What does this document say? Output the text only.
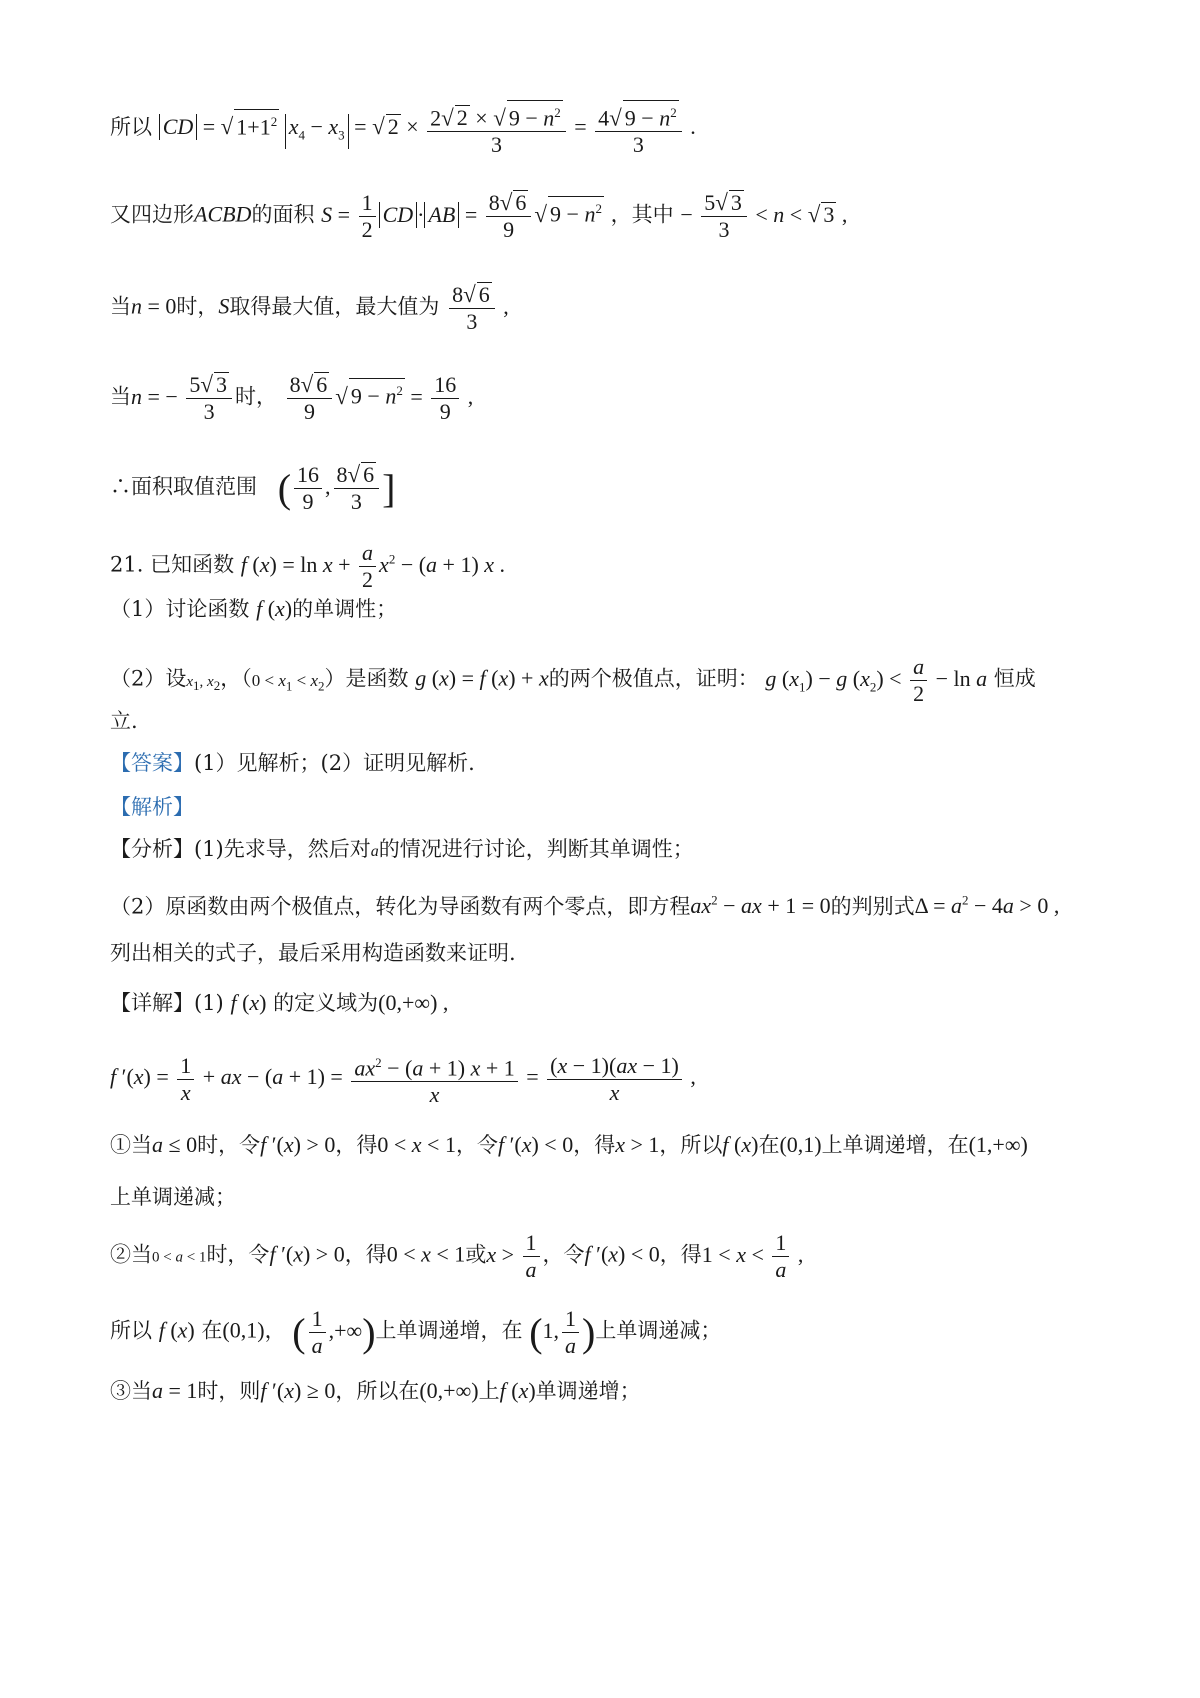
所以 CD = √ $1+1^2$ $x_4 - x_3$ = √ $2 \times \frac{2√ 2 \times √ 9 - n^2}{3} = \frac{4√ 9 - n^2}{3}$ .
又四边形ACBD的面积 $S = \frac{1}{2}$ CD · AB = $\frac{8√ 6}{9}$ √ $9 - n^2$ ，其中 − $\frac{5√ 3}{3} < n$ < √ 3 ,
当n = 0时，S取得最大值，最大值为 $\frac{8√ 6}{3}$ ,
当n = − $\frac{5√ 3}{3}$ 时， $\frac{8√ 6}{9}$ √ $9 - n^2 = \frac{16}{9}$ ,
∴面积取值范围 ( $\frac{16}{9}$ , $\frac{8√ 6}{3}$ ]
21. 已知函数 f $(x) = \ln x + \frac{a}{2} x^2 - (a + 1)$ x .
（1）讨论函数 f (x)的单调性；
（2）设$x_1$, $x_2$，$(0 < x_1 < x_2)$是函数 g (x) = f (x) + x的两个极值点，证明： g $(x_1) - g$ $(x_2) < \frac{a}{2} - \ln a$ 恒成
立.
【答案】(1）见解析；(2）证明见解析.
【解析】
【分析】(1)先求导，然后对a的情况进行讨论，判断其单调性；
（2）原函数由两个极值点，转化为导函数有两个零点，即方程$ax^2$ − ax + 1 = 0的判别式$\Delta = a^2 - 4a > 0$ ,
列出相关的式子，最后采用构造函数来证明.
【详解】(1) f (x) 的定义域为(0,+∞) ,
f $'(x) = \frac{1}{x}$ + ax − $(a + 1) = \frac{ax^2 - (a + 1) x + 1}{x} = \frac{(x - 1)(ax - 1)}{x}$ ,
①当a ≤ 0时，令f ′(x) > 0，得0 < x < 1，令f ′(x) < 0，得x > 1，所以f (x)在(0,1)上单调递增，在(1,+∞)
上单调递减；
②当0 < a < 1时，令f ′(x) > 0，得0 < x < 1或$x > \frac{1}{a}$ ，令f ′(x) < 0，得$1 < x < \frac{1}{a}$ ,
所以 f (x) 在(0,1)， ( $\frac{1}{a}$ ,+∞)上单调递增，在 (1, $\frac{1}{a}$ )上单调递减；
③当a = 1时，则f ′(x) ≥ 0，所以在(0,+∞)上f (x)单调递增；
